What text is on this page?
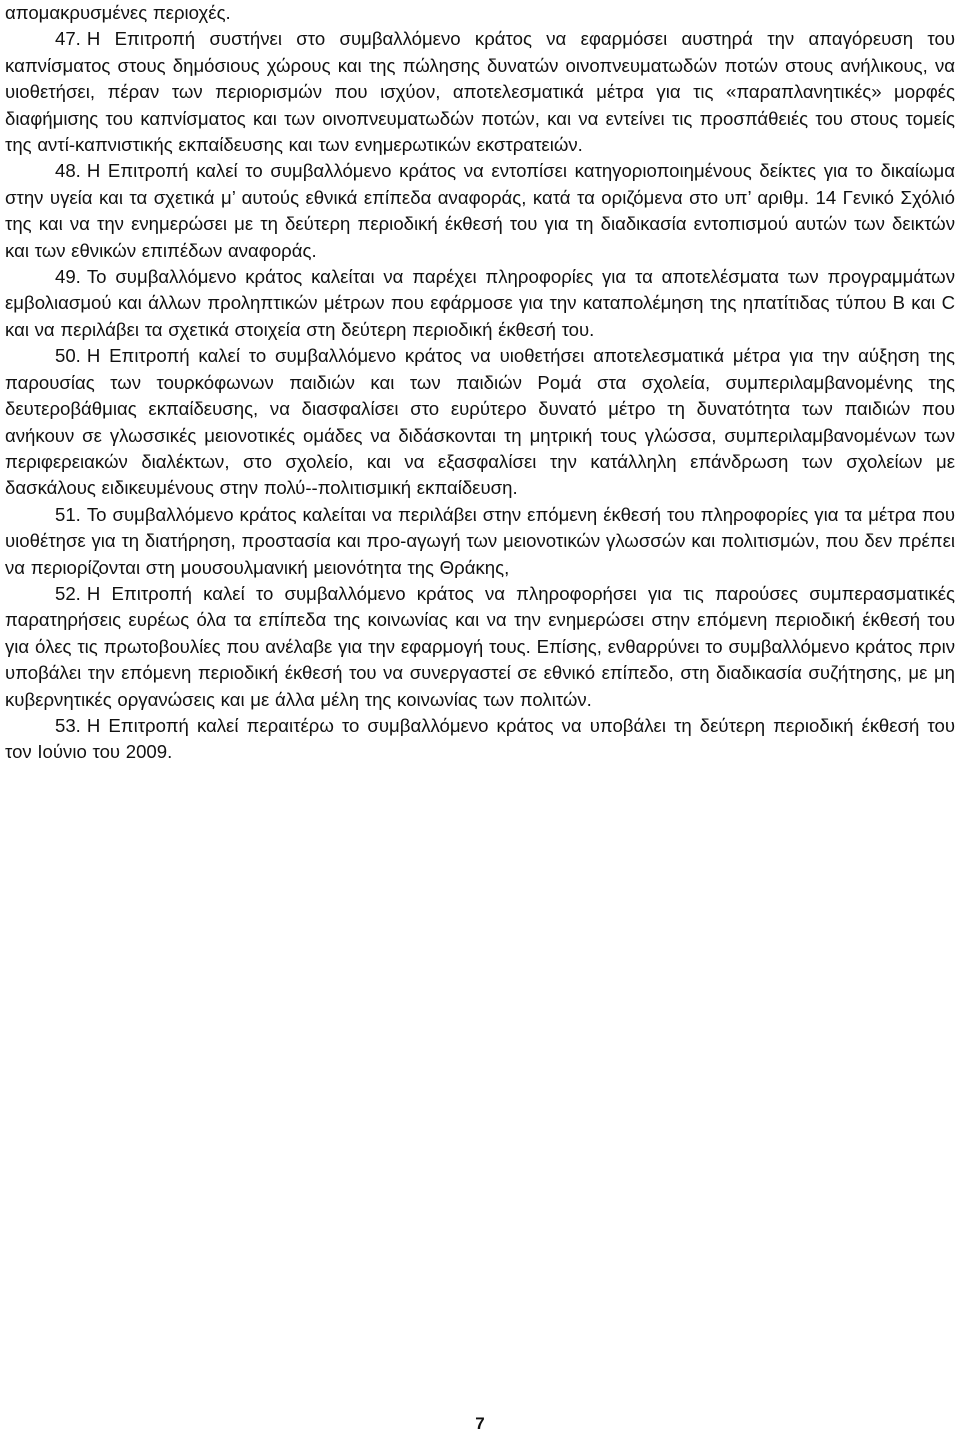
απομακρυσμένες περιοχές.

47. Η Επιτροπή συστήνει στο συμβαλλόμενο κράτος να εφαρμόσει αυστηρά την απαγόρευση του καπνίσματος στους δημόσιους χώρους και της πώλησης δυνατών οινοπνευματωδών ποτών στους ανήλικους, να υιοθετήσει, πέραν των περιορισμών που ισχύον, αποτελεσματικά μέτρα για τις «παραπλανητικές» μορφές διαφήμισης του καπνίσματος και των οινοπνευματωδών ποτών, και να εντείνει τις προσπάθειές του στους τομείς της αντί-καπνιστικής εκπαίδευσης και των ενημερωτικών εκστρατειών.

48. Η Επιτροπή καλεί το συμβαλλόμενο κράτος να εντοπίσει κατηγοριοποιημένους δείκτες για το δικαίωμα στην υγεία και τα σχετικά μ’ αυτούς εθνικά επίπεδα αναφοράς, κατά τα οριζόμενα στο υπ’ αριθμ. 14 Γενικό Σχόλιό της και να την ενημερώσει με τη δεύτερη περιοδική έκθεσή του για τη διαδικασία εντοπισμού αυτών των δεικτών και των εθνικών επιπέδων αναφοράς.

49. Το συμβαλλόμενο κράτος καλείται να παρέχει πληροφορίες για τα αποτελέσματα των προγραμμάτων εμβολιασμού και άλλων προληπτικών μέτρων που εφάρμοσε για την καταπολέμηση της ηπατίτιδας τύπου Β και C και να περιλάβει τα σχετικά στοιχεία στη δεύτερη περιοδική έκθεσή του.

50. Η Επιτροπή καλεί το συμβαλλόμενο κράτος να υιοθετήσει αποτελεσματικά μέτρα για την αύξηση της παρουσίας των τουρκόφωνων παιδιών και των παιδιών Ρομά στα σχολεία, συμπεριλαμβανομένης της δευτεροβάθμιας εκπαίδευσης, να διασφαλίσει στο ευρύτερο δυνατό μέτρο τη δυνατότητα των παιδιών που ανήκουν σε γλωσσικές μειονοτικές ομάδες να διδάσκονται τη μητρική τους γλώσσα, συμπεριλαμβανομένων των περιφερειακών διαλέκτων, στο σχολείο, και να εξασφαλίσει την κατάλληλη επάνδρωση των σχολείων με δασκάλους ειδικευμένους στην πολύ--πολιτισμική εκπαίδευση.

51. Το συμβαλλόμενο κράτος καλείται να περιλάβει στην επόμενη έκθεσή του πληροφορίες για τα μέτρα που υιοθέτησε για τη διατήρηση, προστασία και προ-αγωγή των μειονοτικών γλωσσών και πολιτισμών, που δεν πρέπει να περιορίζονται στη μουσουλμανική μειονότητα της Θράκης,

52. Η Επιτροπή καλεί το συμβαλλόμενο κράτος να πληροφορήσει για τις παρούσες συμπερασματικές παρατηρήσεις ευρέως όλα τα επίπεδα της κοινωνίας και να την ενημερώσει στην επόμενη περιοδική έκθεσή του για όλες τις πρωτοβουλίες που ανέλαβε για την εφαρμογή τους. Επίσης, ενθαρρύνει το συμβαλλόμενο κράτος πριν υποβάλει την επόμενη περιοδική έκθεσή του να συνεργαστεί σε εθνικό επίπεδο, στη διαδικασία συζήτησης, με μη κυβερνητικές οργανώσεις και με άλλα μέλη της κοινωνίας των πολιτών.

53. Η Επιτροπή καλεί περαιτέρω το συμβαλλόμενο κράτος να υποβάλει τη δεύτερη περιοδική έκθεσή του τον Ιούνιο του 2009.

7
